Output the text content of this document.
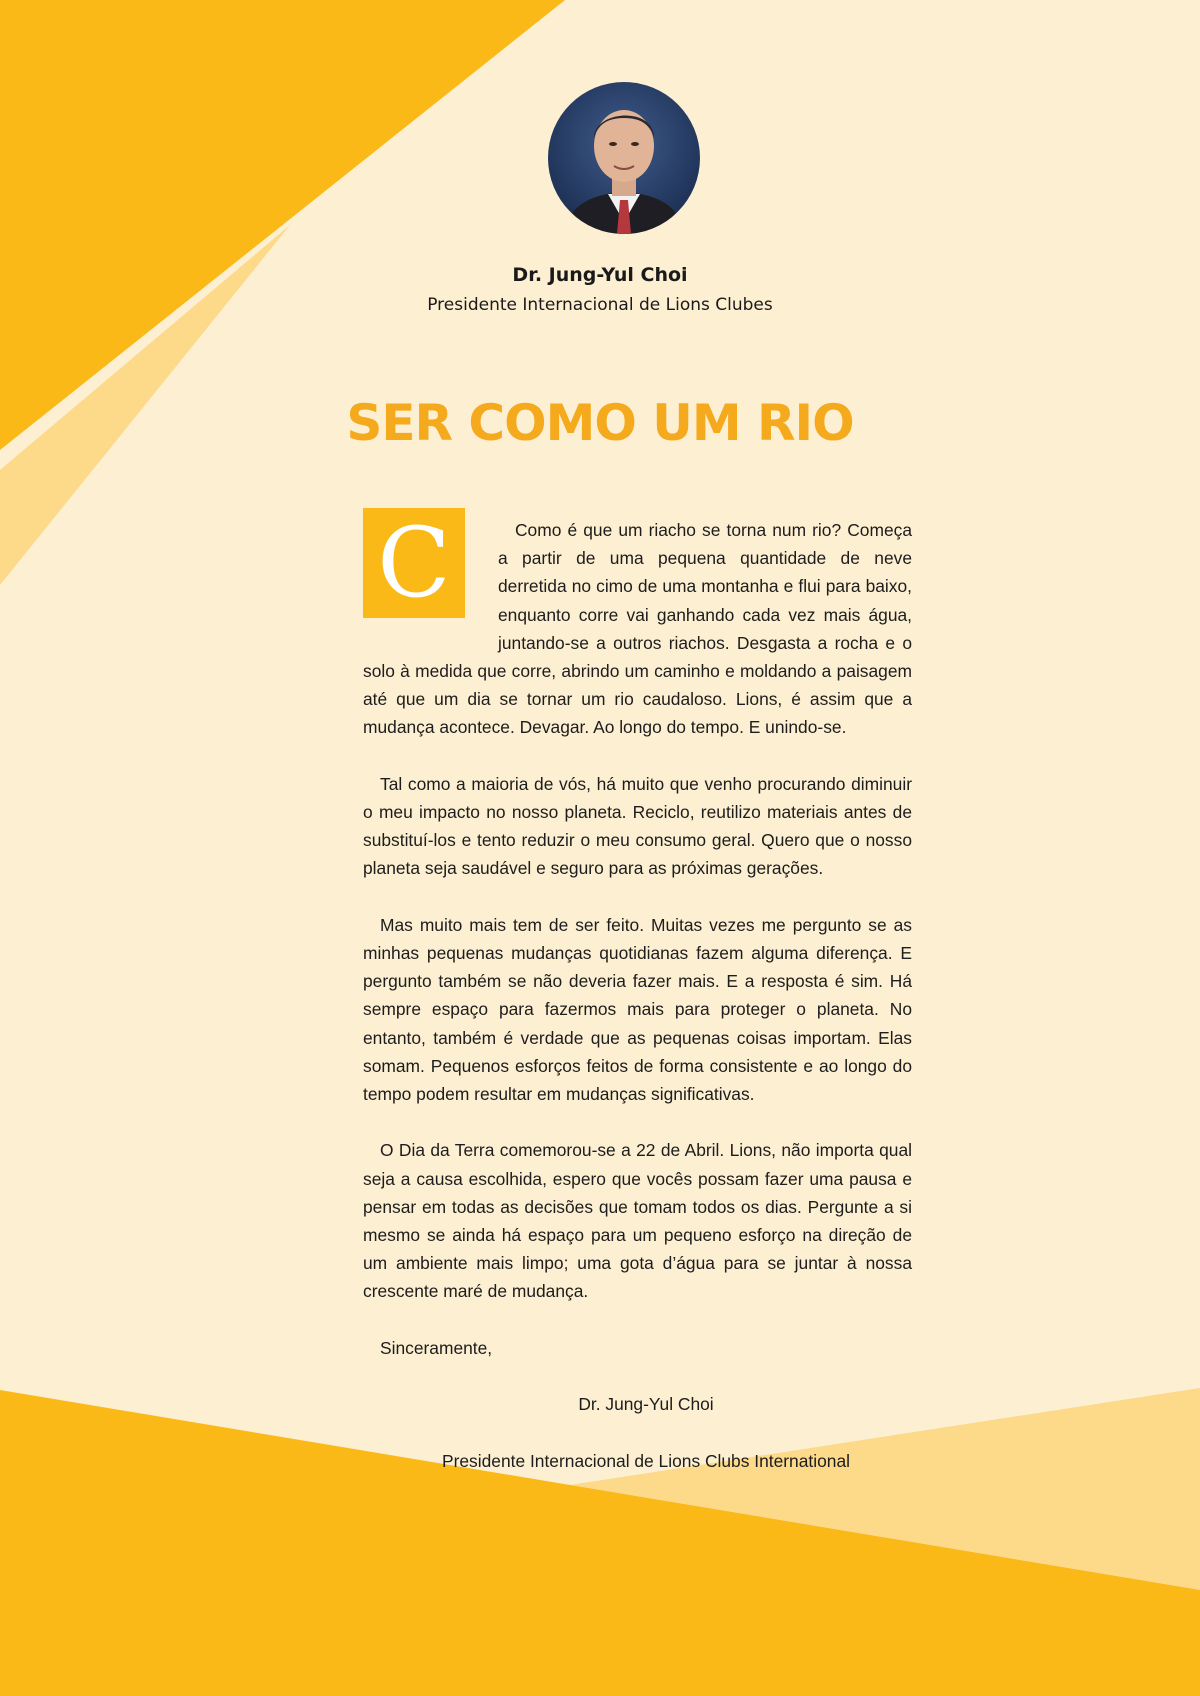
Dr. Jung-Yul Choi
Presidente Internacional de Lions Clubes
SER COMO UM RIO
C	Como é que um riacho se torna num rio? Começa a partir de uma pequena quantidade de neve derretida no cimo de uma montanha e flui para baixo, enquanto corre vai ganhando cada vez mais água, juntando-se a outros riachos. Desgasta a rocha e o solo à medida que corre, abrindo um caminho e moldando a paisagem até que um dia se tornar um rio caudaloso. Lions, é assim que a mudança acontece. Devagar. Ao longo do tempo. E unindo-se.

Tal como a maioria de vós, há muito que venho procurando diminuir o meu impacto no nosso planeta. Reciclo, reutilizo materiais antes de substituí-los e tento reduzir o meu consumo geral. Quero que o nosso planeta seja saudável e seguro para as próximas gerações.

Mas muito mais tem de ser feito. Muitas vezes me pergunto se as minhas pequenas mudanças quotidianas fazem alguma diferença. E pergunto também se não deveria fazer mais. E a resposta é sim. Há sempre espaço para fazermos mais para proteger o planeta. No entanto, também é verdade que as pequenas coisas importam. Elas somam. Pequenos esforços feitos de forma consistente e ao longo do tempo podem resultar em mudanças significativas.

O Dia da Terra comemorou-se a 22 de Abril. Lions, não importa qual seja a causa escolhida, espero que vocês possam fazer uma pausa e pensar em todas as decisões que tomam todos os dias. Pergunte a si mesmo se ainda há espaço para um pequeno esforço na direção de um ambiente mais limpo; uma gota d’água para se juntar à nossa crescente maré de mudança.

Sinceramente,

Dr. Jung-Yul Choi

Presidente Internacional de Lions Clubs International
